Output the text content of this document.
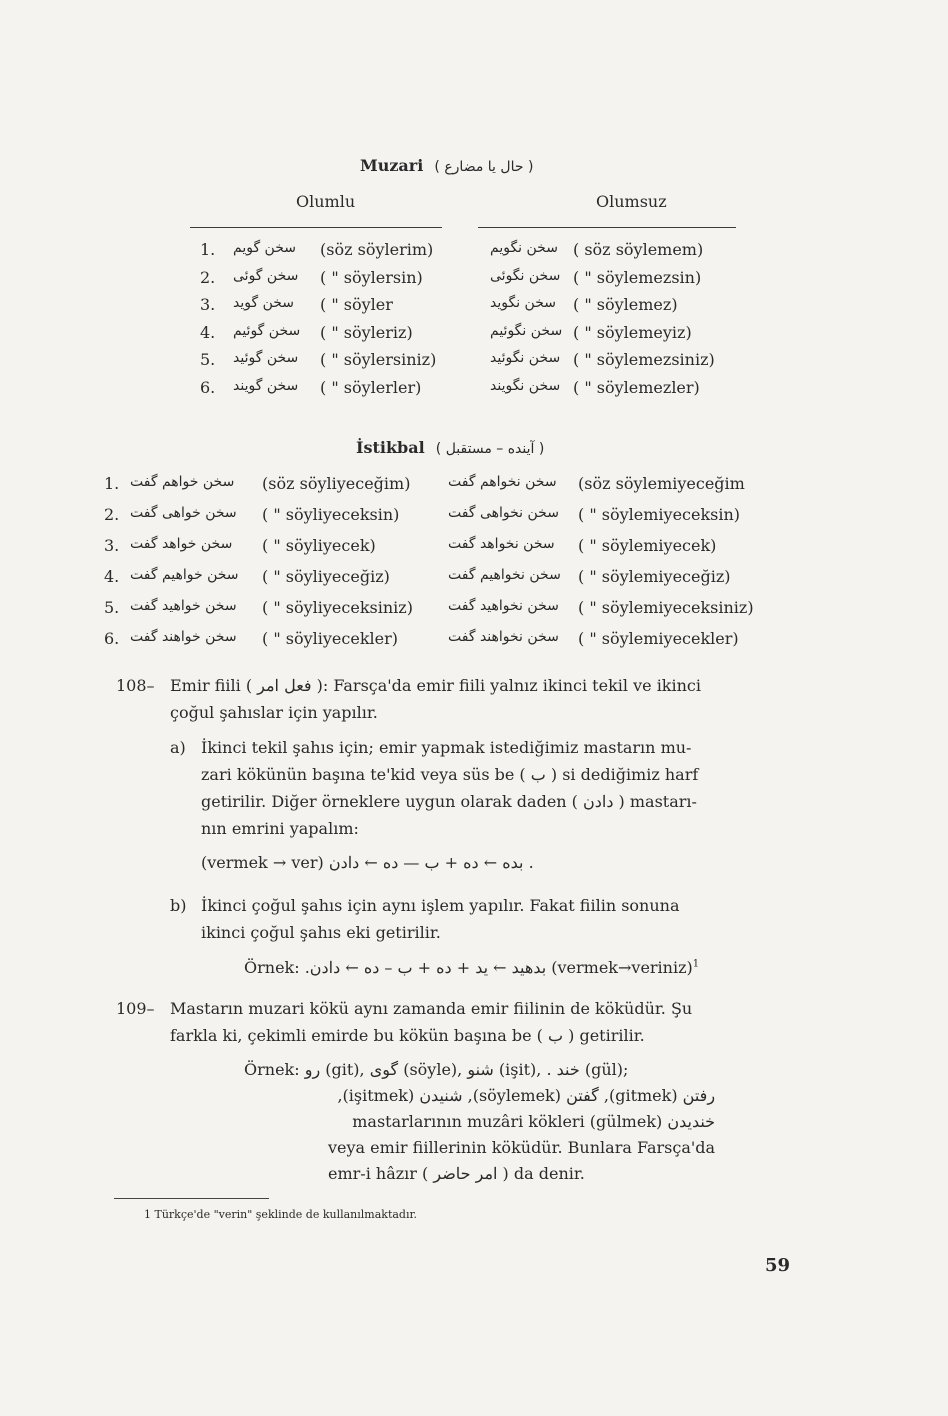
Muzari ( حال یا مضارع )
Olumlu	Olumsuz
1. سخن گویم (söz söylerim)	سخن نگویم ( söz söylemem)
2. سخن گوئی ( " söylersin)	سخن نگوئی ( " söylemezsin)
3. سخن گوید ( " söyler	سخن نگوید ( " söylemez)
4. سخن گوئیم ( " söyleriz)	سخن نگوئیم ( " söylemeyiz)
5. سخن گوئید ( " söylersiniz)	سخن نگوئید ( " söylemezsiniz)
6. سخن گویند ( " söylerler)	سخن نگویند ( " söylemezler)
İstikbal ( آینده – مستقبل )
1. سخن خواهم گفت (söz söyliyeceğim)	سخن نخواهم گفت (söz söylemiyeceğim
2. سخن خواهی گفت ( " söyliyeceksin)	سخن نخواهی گفت ( " söylemiyeceksin)
3. سخن خواهد گفت ( " söyliyecek)	سخن نخواهد گفت ( " söylemiyecek)
4. سخن خواهیم گفت ( " söyliyeceğiz)	سخن نخواهیم گفت ( " söylemiyeceğiz)
5. سخن خواهید گفت ( " söyliyeceksiniz)	سخن نخواهید گفت ( " söylemiyeceksiniz)
6. سخن خواهند گفت ( " söyliyecekler)	سخن نخواهند گفت ( " söylemiyecekler)
108– Emir fiili ( فعل امر ): Farsça'da emir fiili yalnız ikinci tekil ve ikinci

çoğul şahıslar için yapılır.

a) İkinci tekil şahıs için; emir yapmak istediğimiz mastarın mu-

zari kökünün başına te'kid veya süs be ( ب ) si dediğimiz harf

getirilir. Diğer örneklere uygun olarak daden ( دادن ) mastarı-

nın emrini yapalım:

. بده ← ده + ب — ده ← دادن (vermek → ver)
b) İkinci çoğul şahıs için aynı işlem yapılır. Fakat fiilin sonuna

ikinci çoğul şahıs eki getirilir.

Örnek: .بدهید ← ید + ده + ب – ده ← دادن (vermek→veriniz)$^1$
109– Mastarın muzari kökü aynı zamanda emir fiilinin de köküdür. Şu

farkla ki, çekimli emirde bu kökün başına be ( ب ) getirilir.

Örnek: رو (git), گوی (söyle), شنو (işit), . خند (gül);

رفتن (gitmek), گفتن (söylemek), شنیدن (işitmek),

خندیدن (gülmek) mastarlarının muzâri kökleri

veya emir fiillerinin köküdür. Bunlara Farsça'da

emr-i hâzır ( امر حاضر ) da denir.

1 Türkçe'de "verin" şeklinde de kullanılmaktadır.
59
